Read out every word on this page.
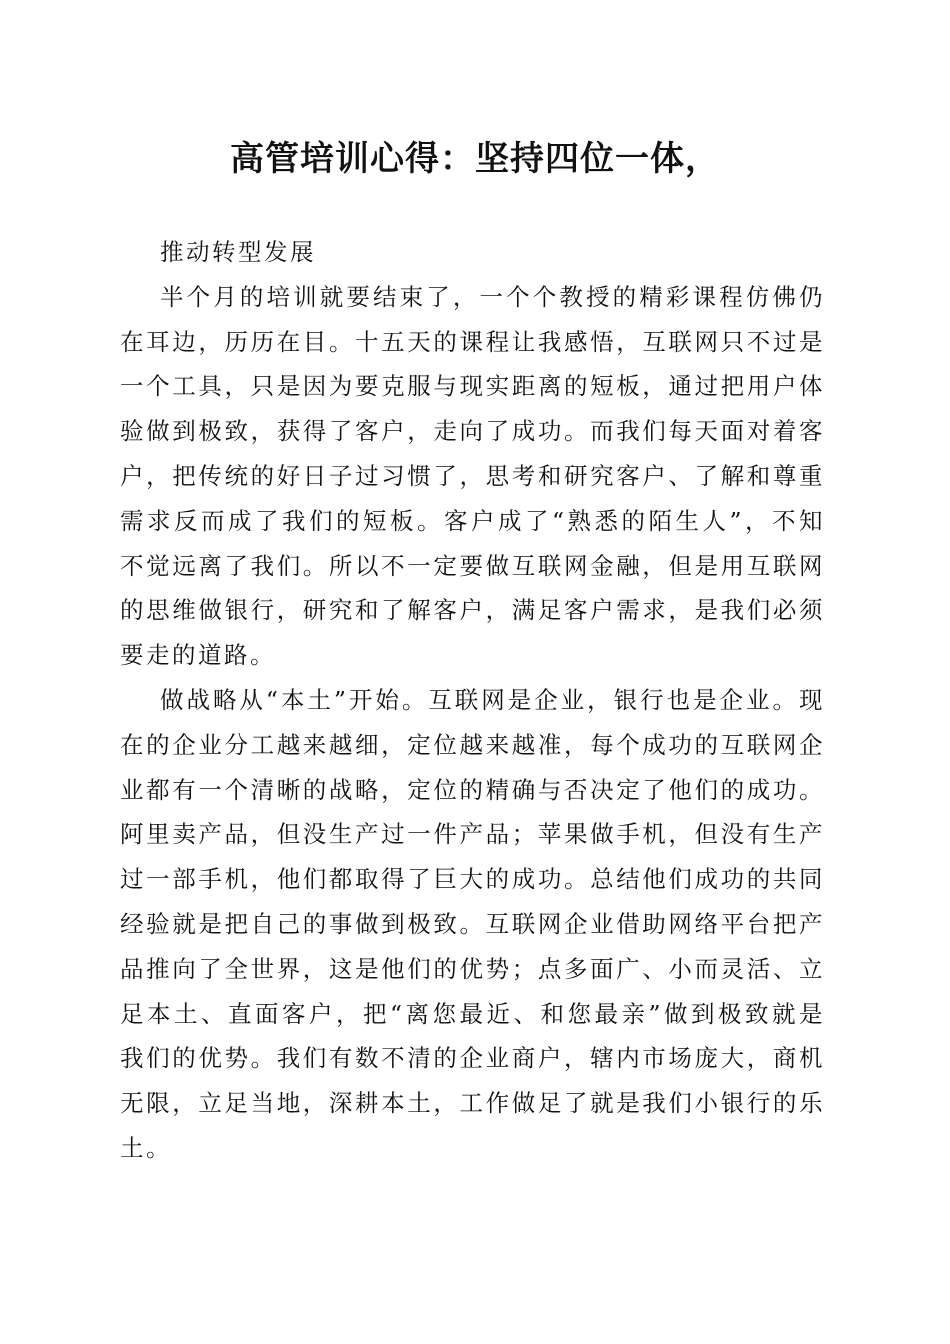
高管培训心得：坚持四位一体，

推动转型发展

半个月的培训就要结束了，一个个教授的精彩课程仿佛仍在耳边，历历在目。十五天的课程让我感悟，互联网只不过是一个工具，只是因为要克服与现实距离的短板，通过把用户体验做到极致，获得了客户，走向了成功。而我们每天面对着客户，把传统的好日子过习惯了，思考和研究客户、了解和尊重需求反而成了我们的短板。客户成了“熟悉的陌生人”，不知不觉远离了我们。所以不一定要做互联网金融，但是用互联网的思维做银行，研究和了解客户，满足客户需求，是我们必须要走的道路。

做战略从“本土”开始。互联网是企业，银行也是企业。现在的企业分工越来越细，定位越来越准，每个成功的互联网企业都有一个清晰的战略，定位的精确与否决定了他们的成功。阿里卖产品，但没生产过一件产品；苹果做手机，但没有生产过一部手机，他们都取得了巨大的成功。总结他们成功的共同经验就是把自己的事做到极致。互联网企业借助网络平台把产品推向了全世界，这是他们的优势；点多面广、小而灵活、立足本土、直面客户，把“离您最近、和您最亲”做到极致就是我们的优势。我们有数不清的企业商户，辖内市场庞大，商机无限，立足当地，深耕本土，工作做足了就是我们小银行的乐土。
